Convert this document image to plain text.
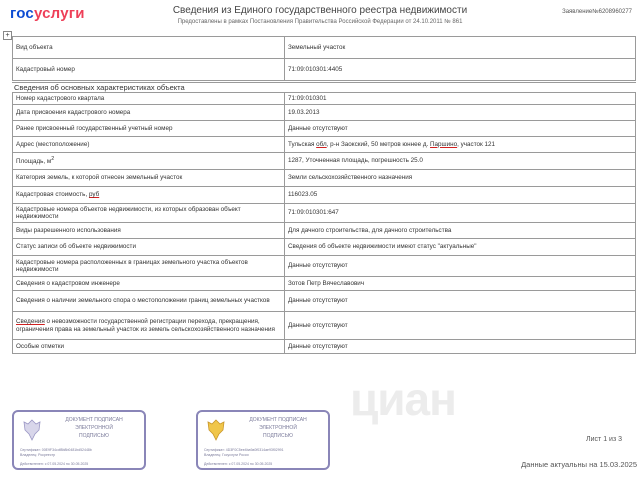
госуслуги	Сведения из Единого государственного реестра недвижимости
Предоставлены в рамках Постановления Правительства Российской Федерации от 24.10.2011 № 861
Заявление№6208960277
+
Вид объекта	Земельный участок
Кадастровый номер	71:09:010301:4405
Сведения об основных характеристиках объекта
Номер кадастрового квартала	71:09:010301
Дата присвоения кадастрового номера	19.03.2013
Ранее присвоенный государственный учетный номер	Данные отсутствуют
Адрес (местоположение)	Тульская обл, р-н Заокский, 50 метров юннее д. Паршино, участок 121
Площадь, $м^2$	1287, Уточненная площадь, погрешность 25.0
Категория земель, к которой отнесен земельный участок	Земли сельскохозяйственного назначения
Кадастровая стоимость, руб	116023.05
Кадастровые номера объектов недвижимости, из которых образован объект недвижимости	71:09:010301:647
Виды разрешенного использования	Для дачного строительства, для дачного строительства
Статус записи об объекте недвижимости	Сведения об объекте недвижимости имеют статус "актуальные"
Кадастровые номера расположенных в границах земельного участка объектов недвижимости	Данные отсутствуют
Сведения о кадастровом инженере	Зотов Петр Вячеславович
Сведения о наличии земельного спора о местоположении границ земельных участков	Данные отсутствуют
Сведения о невозможности государственной регистрации перехода, прекращения, ограничения права на земельный участок из земель сельскохозяйственного назначения	Данные отсутствуют
Особые отметки	Данные отсутствуют
циан
ДОКУМЕНТ ПОДПИСАН
ЭЛЕКТРОННОЙ
ПОДПИСЬЮ
Сертификат: 00E9F34cdf8b8b0481bd52448b
Владелец: Росреестр
Действителен: с 07.05.2024 по 30.05.2025
ДОКУМЕНТ ПОДПИСАН
ЭЛЕКТРОННОЙ
ПОДПИСЬЮ
Сертификат: 4D3F0C5ee4ba9a0f0314ae93f02991
Владелец: Госуслуги Росси
Действителен: с 07.05.2024 по 30.05.2025
Лист 1 из 3
Данные актуальны на 15.03.2025
